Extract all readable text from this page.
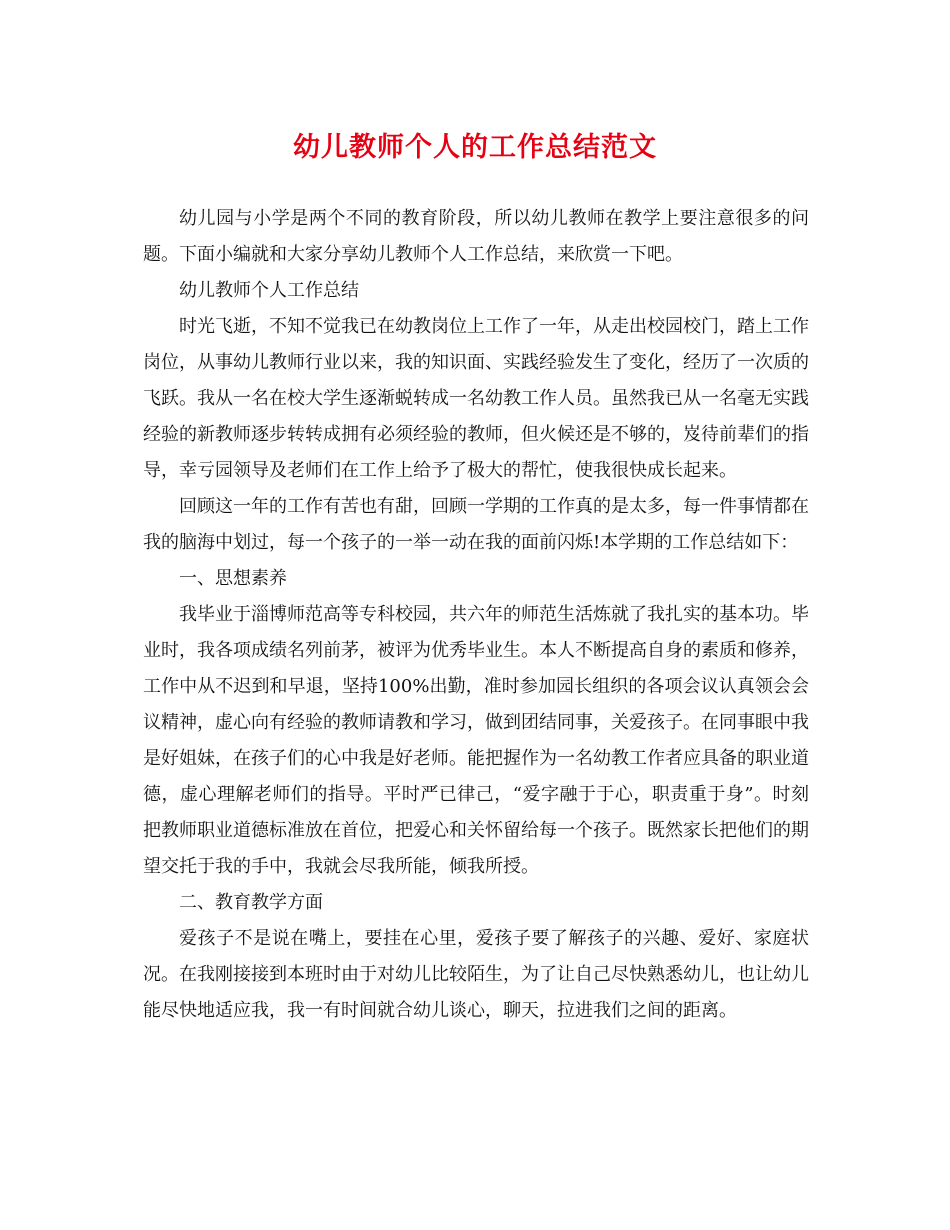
幼儿教师个人的工作总结范文

幼儿园与小学是两个不同的教育阶段，所以幼儿教师在教学上要注意很多的问题。下面小编就和大家分享幼儿教师个人工作总结，来欣赏一下吧。

幼儿教师个人工作总结

时光飞逝，不知不觉我已在幼教岗位上工作了一年，从走出校园校门，踏上工作岗位，从事幼儿教师行业以来，我的知识面、实践经验发生了变化，经历了一次质的飞跃。我从一名在校大学生逐渐蜕转成一名幼教工作人员。虽然我已从一名毫无实践经验的新教师逐步转转成拥有必须经验的教师，但火候还是不够的，岌待前辈们的指导，幸亏园领导及老师们在工作上给予了极大的帮忙，使我很快成长起来。

回顾这一年的工作有苦也有甜，回顾一学期的工作真的是太多，每一件事情都在我的脑海中划过，每一个孩子的一举一动在我的面前闪烁!本学期的工作总结如下：

一、思想素养

我毕业于淄博师范高等专科校园，共六年的师范生活炼就了我扎实的基本功。毕业时，我各项成绩名列前茅，被评为优秀毕业生。本人不断提高自身的素质和修养，工作中从不迟到和早退，坚持100%出勤，准时参加园长组织的各项会议认真领会会议精神，虚心向有经验的教师请教和学习，做到团结同事，关爱孩子。在同事眼中我是好姐妹，在孩子们的心中我是好老师。能把握作为一名幼教工作者应具备的职业道德，虚心理解老师们的指导。平时严已律己，“爱字融于于心，职责重于身”。时刻把教师职业道德标准放在首位，把爱心和关怀留给每一个孩子。既然家长把他们的期望交托于我的手中，我就会尽我所能，倾我所授。

二、教育教学方面

爱孩子不是说在嘴上，要挂在心里，爱孩子要了解孩子的兴趣、爱好、家庭状况。在我刚接接到本班时由于对幼儿比较陌生，为了让自己尽快熟悉幼儿，也让幼儿能尽快地适应我，我一有时间就合幼儿谈心，聊天，拉进我们之间的距离。
